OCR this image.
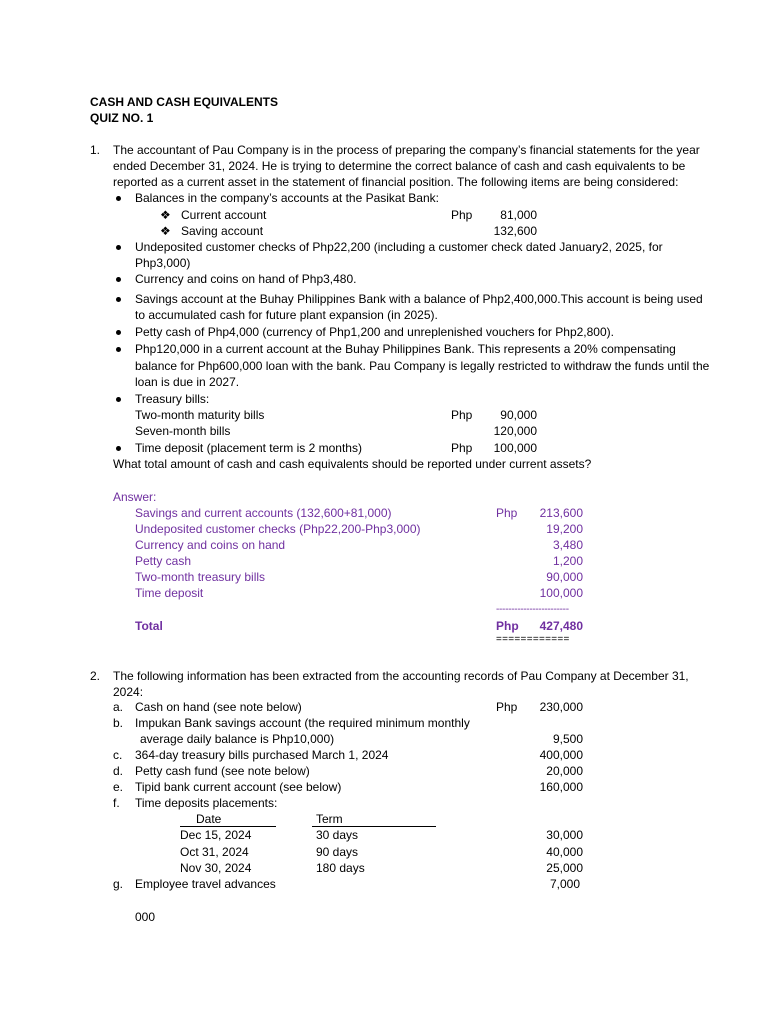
CASH AND CASH EQUIVALENTS
QUIZ NO. 1
1. The accountant of Pau Company is in the process of preparing the company’s financial statements for the year
ended December 31, 2024. He is trying to determine the correct balance of cash and cash equivalents to be
reported as a current asset in the statement of financial position. The following items are being considered:
Balances in the company’s accounts at the Pasikat Bank:
❖ Current account	Php	81,000
❖ Saving account	132,600
Undeposited customer checks of Php22,200 (including a customer check dated January2, 2025, for
Php3,000)
Currency and coins on hand of Php3,480.
Savings account at the Buhay Philippines Bank with a balance of Php2,400,000.This account is being used
to accumulated cash for future plant expansion (in 2025).
Petty cash of Php4,000 (currency of Php1,200 and unreplenished vouchers for Php2,800).
Php120,000 in a current account at the Buhay Philippines Bank. This represents a 20% compensating
balance for Php600,000 loan with the bank. Pau Company is legally restricted to withdraw the funds until the
loan is due in 2027.
Treasury bills:
Two-month maturity bills	Php	90,000
Seven-month bills	120,000
Time deposit (placement term is 2 months)	Php	100,000
What total amount of cash and cash equivalents should be reported under current assets?
Answer:
Savings and current accounts (132,600+81,000)	Php	213,600
Undeposited customer checks (Php22,200-Php3,000)	19,200
Currency and coins on hand	3,480
Petty cash	1,200
Two-month treasury bills	90,000
Time deposit	100,000
------------------------
Total	Php	427,480
============
2. The following information has been extracted from the accounting records of Pau Company at December 31,
2024:
a. Cash on hand (see note below)	Php	230,000
b. Impukan Bank savings account (the required minimum monthly
average daily balance is Php10,000)	9,500
c. 364-day treasury bills purchased March 1, 2024	400,000
d. Petty cash fund (see note below)	20,000
e. Tipid bank current account (see below)	160,000
f. Time deposits placements:
Date	Term
Dec 15, 2024	30 days	30,000
Oct 31, 2024	90 days	40,000
Nov 30, 2024	180 days	25,000
g. Employee travel advances	7,000
000
